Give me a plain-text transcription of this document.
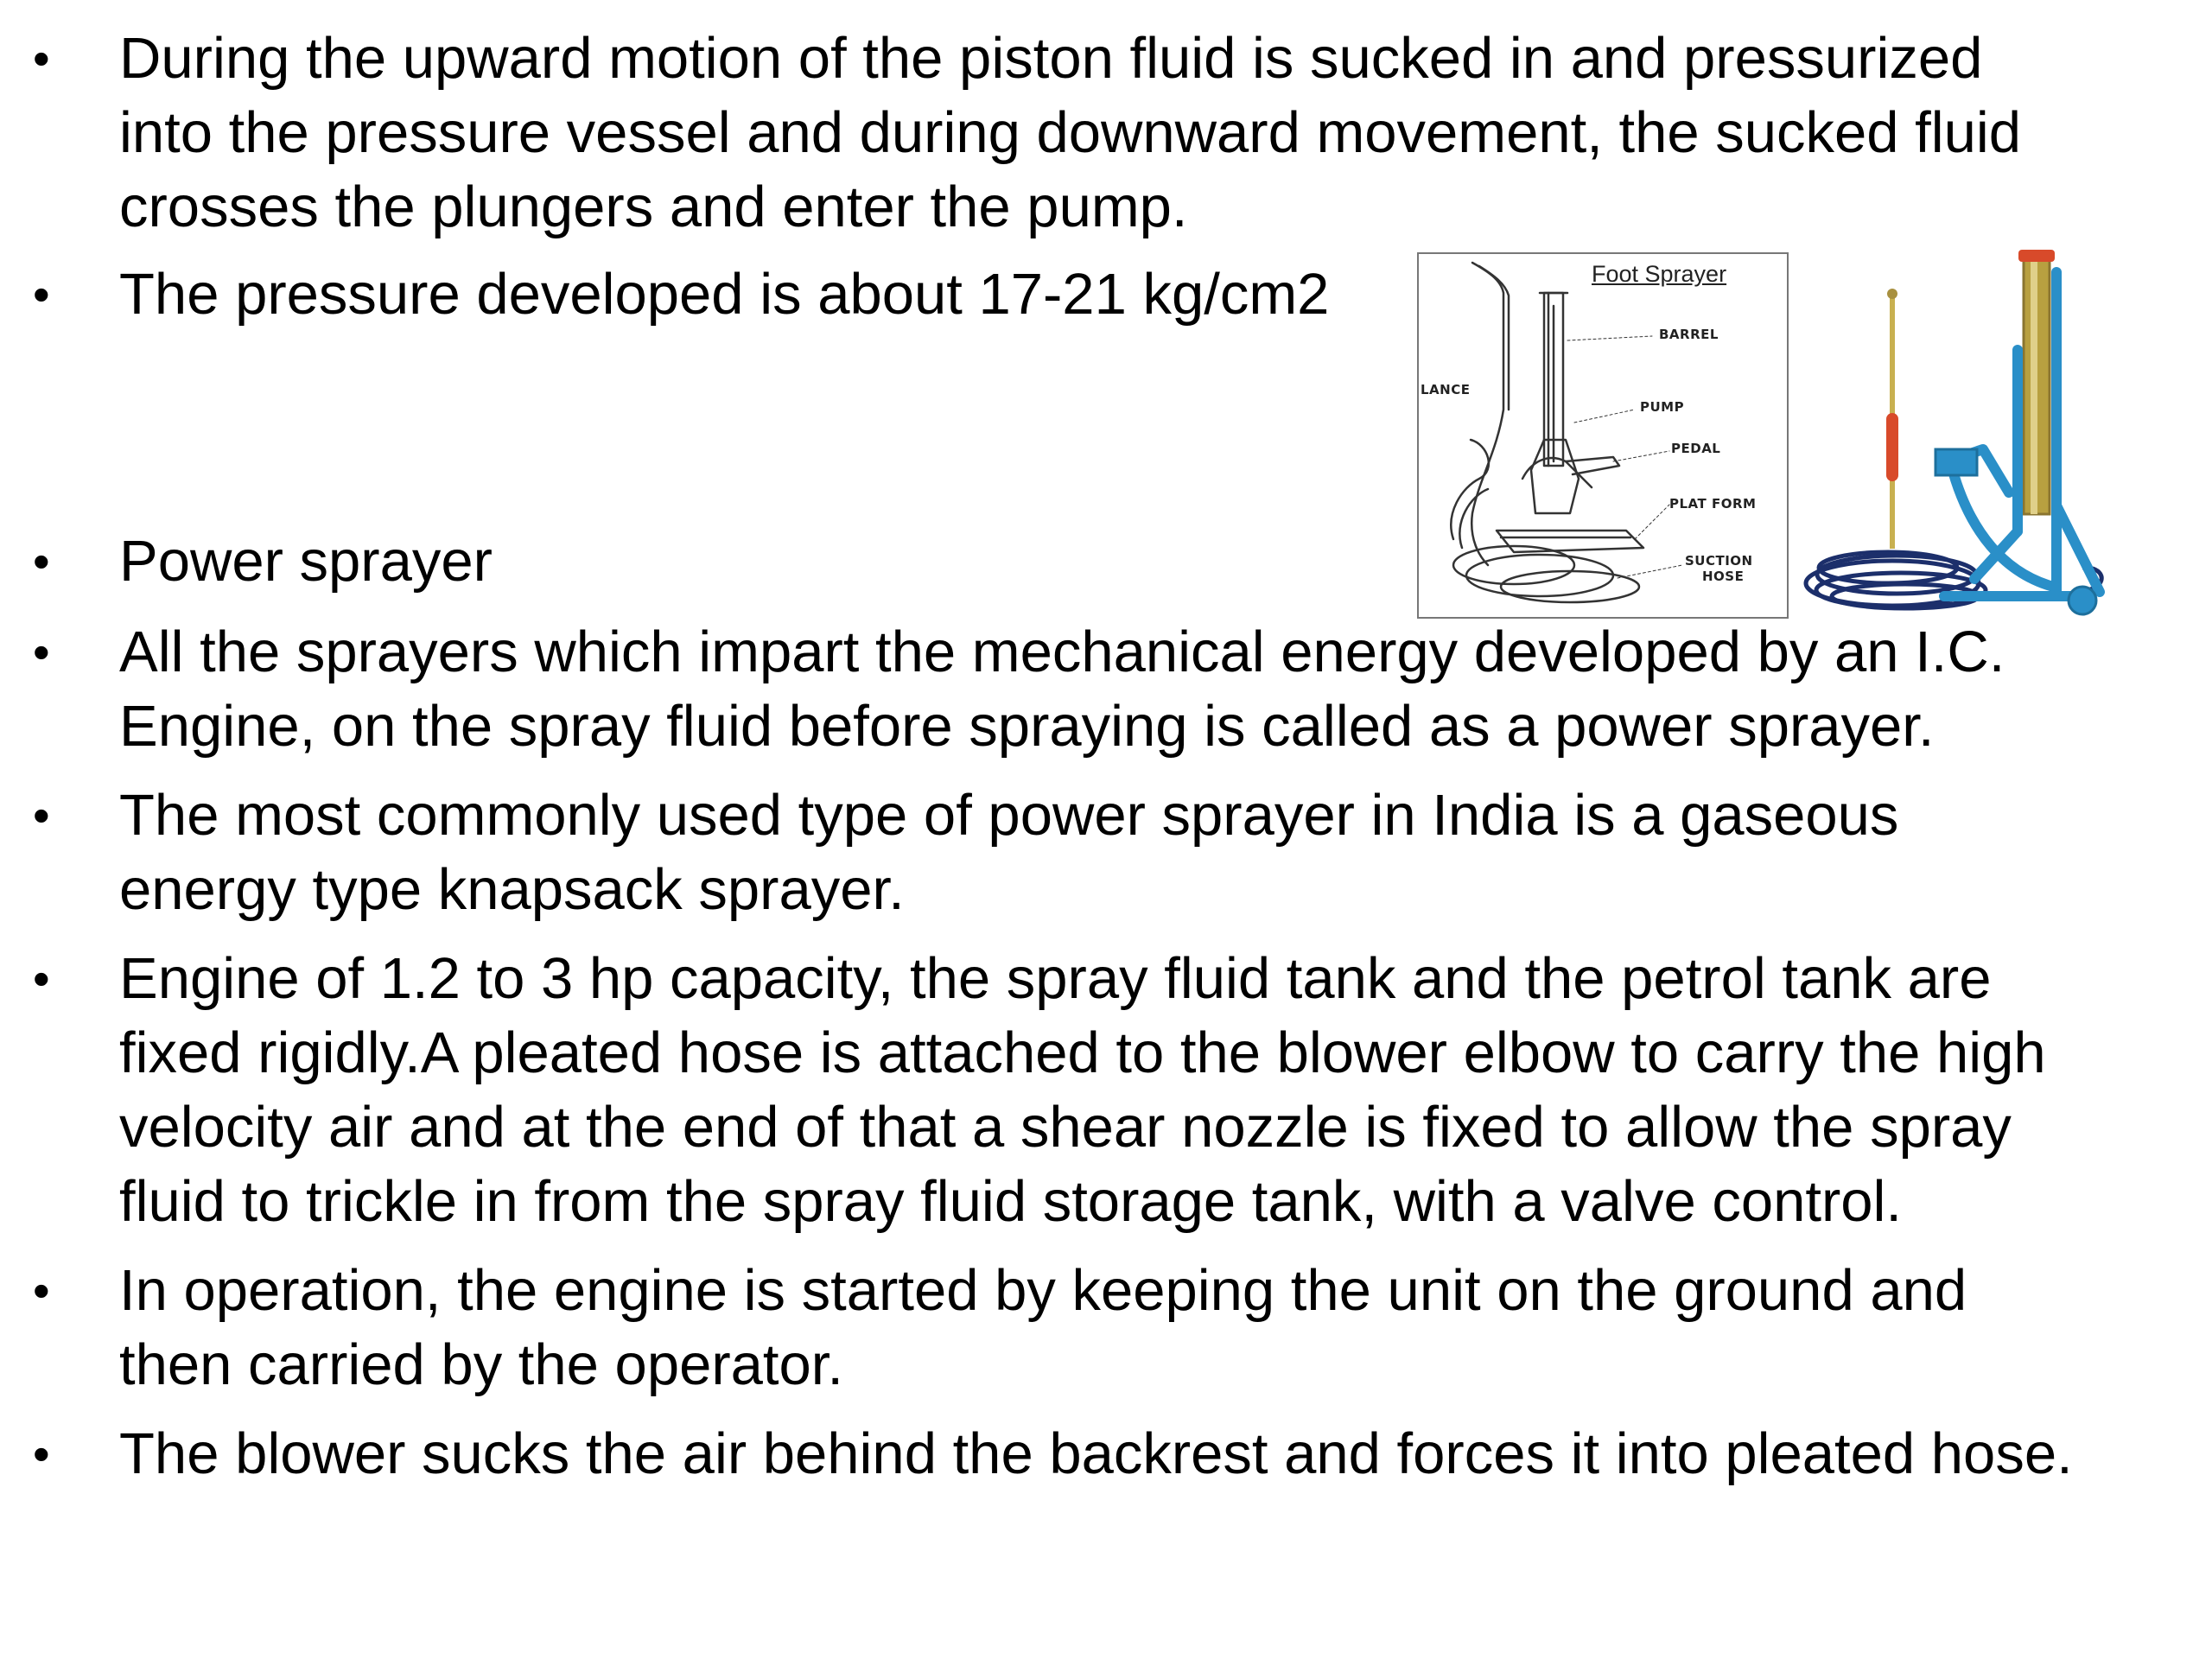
•	During the upward motion of the piston fluid is sucked in and pressurized
into the pressure vessel and during downward movement, the sucked fluid
crosses the plungers and enter the pump.
•	The pressure developed is about 17-21 kg/cm2
•	Power sprayer
•	All the sprayers which impart the mechanical energy developed by an I.C.
Engine, on the spray fluid before spraying is called as a power sprayer.
•	The most commonly used type of power sprayer in India is a gaseous
energy type knapsack sprayer.
•	Engine of 1.2 to 3 hp capacity, the spray fluid tank and the petrol tank are
fixed rigidly.A pleated hose is attached to the blower elbow to carry the high
velocity air and at the end of that a shear nozzle is fixed to allow the spray
fluid to trickle in from the spray fluid storage tank, with a valve control.
•	In operation, the engine is started by keeping the unit on the ground and
then carried by the operator.
•	The blower sucks the air behind the backrest and forces it into pleated hose.
Foot Sprayer
BARREL
LANCE
PUMP
PEDAL
PLAT FORM
SUCTION
HOSE
